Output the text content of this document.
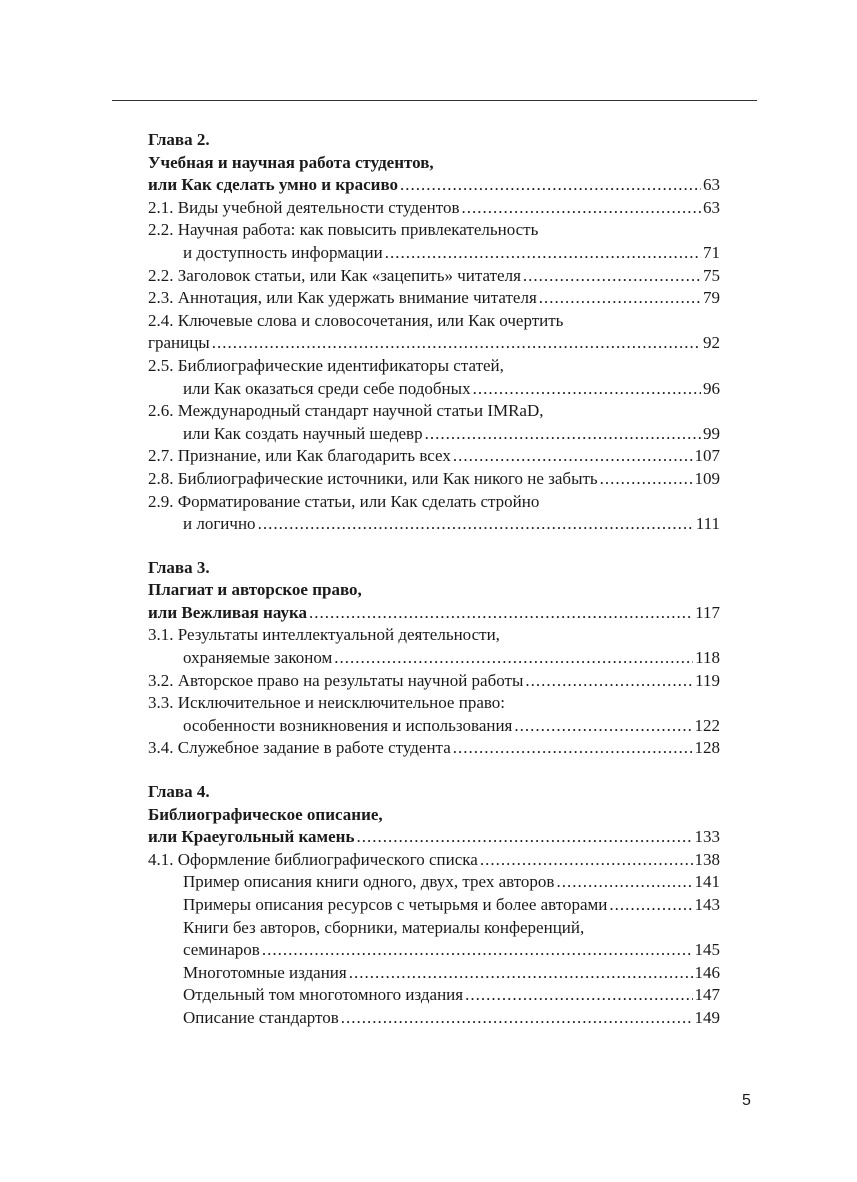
Глава 2.
Учебная и научная работа студентов,
или Как сделать умно и красиво .....	63
2.1. Виды учебной деятельности студентов .....	63
2.2. Научная работа: как повысить привлекательность
и доступность информации .....	71
2.2. Заголовок статьи, или Как «зацепить» читателя .....	75
2.3. Аннотация, или Как удержать внимание читателя .....	79
2.4. Ключевые слова и словосочетания, или Как очертить
границы .....	92
2.5. Библиографические идентификаторы статей,
или Как оказаться среди себе подобных .....	96
2.6. Международный стандарт научной статьи IMRaD,
или Как создать научный шедевр .....	99
2.7. Признание, или Как благодарить всех .....	107
2.8. Библиографические источники, или Как никого не забыть .....	109
2.9. Форматирование статьи, или Как сделать стройно
и логично .....	111
Глава 3.
Плагиат и авторское право,
или Вежливая наука .....	117
3.1. Результаты интеллектуальной деятельности,
охраняемые законом .....	118
3.2. Авторское право на результаты научной работы .....	119
3.3. Исключительное и неисключительное право:
особенности возникновения и использования .....	122
3.4. Служебное задание в работе студента .....	128
Глава 4.
Библиографическое описание,
или Краеугольный камень .....	133
4.1. Оформление библиографического списка .....	138
Пример описания книги одного, двух, трех авторов .....	141
Примеры описания ресурсов с четырьмя и более авторами .....	143
Книги без авторов, сборники, материалы конференций,
семинаров .....	145
Многотомные издания .....	146
Отдельный том многотомного издания .....	147
Описание стандартов .....	149
5
